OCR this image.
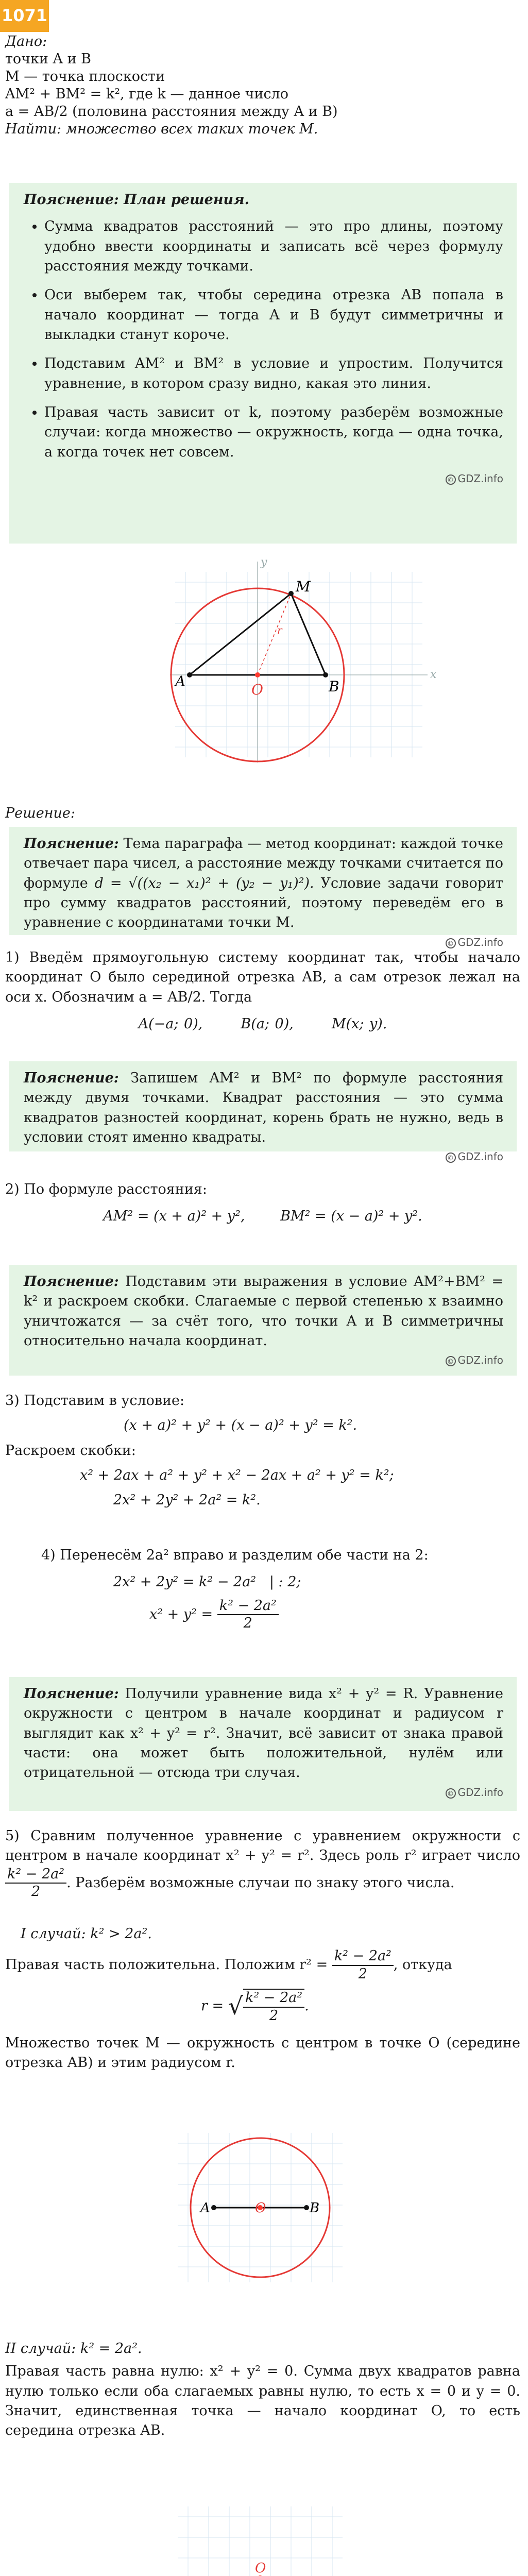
1071
Дано:
точки A и B
M — точка плоскости
AM² + BM² = k², где k — данное число
a = AB/2 (половина расстояния между A и B)
Найти: множество всех таких точек M.
Пояснение: План решения.
• Сумма квадратов расстояний — это про длины, поэтому удобно ввести координаты и записать всё через формулу расстояния между точками.
• Оси выберем так, чтобы середина отрезка AB попала в начало координат — тогда A и B будут симметричны и выкладки станут короче.
• Подставим AM² и BM² в условие и упростим. Получится уравнение, в котором сразу видно, какая это линия.
• Правая часть зависит от k, поэтому разберём возможные случаи: когда множество — окружность, когда — одна точка, а когда точек нет совсем.
© GDZ.info
x
y
r
A	O	B
M
Решение:
Пояснение: Тема параграфа — метод координат: каждой точке отвечает пара чисел, а расстояние между точками считается по формуле d = √((x₂ − x₁)² + (y₂ − y₁)²). Условие задачи говорит про сумму квадратов расстояний, поэтому переведём его в уравнение с координатами точки M.
© GDZ.info
1) Введём прямоугольную систему координат так, чтобы начало координат O было серединой отрезка AB, а сам отрезок лежал на оси x. Обозначим a = AB/2. Тогда
A(−a; 0),	B(a; 0),	M(x; y).
Пояснение: Запишем AM² и BM² по формуле расстояния между двумя точками. Квадрат расстояния — это сумма квадратов разностей координат, корень брать не нужно, ведь в условии стоят именно квадраты.
© GDZ.info
2) По формуле расстояния:
AM² = (x + a)² + y²,	BM² = (x − a)² + y².
Пояснение: Подставим эти выражения в условие AM²+BM² = k² и раскроем скобки. Слагаемые с первой степенью x взаимно уничтожатся — за счёт того, что точки A и B симметричны относительно начала координат.
© GDZ.info
3) Подставим в условие:
(x + a)² + y² + (x − a)² + y² = k².
Раскроем скобки:
x² + 2ax + a² + y² + x² − 2ax + a² + y² = k²;
2x² + 2y² + 2a² = k².
4) Перенесём 2a² вправо и разделим обе части на 2:
2x² + 2y² = k² − 2a²   | : 2;
$x^2 + y^2 = \frac{\text{k² − 2a²}}{2}$
Пояснение: Получили уравнение вида x² + y² = R. Уравнение окружности с центром в начале координат и радиусом r выглядит как x² + y² = r². Значит, всё зависит от знака правой части: она может быть положительной, нулём или отрицательной — отсюда три случая.
© GDZ.info
5) Сравним полученное уравнение с уравнением окружности с центром в начале координат x² + y² = r². Здесь роль r² играет число
$\frac{\text{k² − 2a²}}{2}$ . Разберём возможные случаи по знаку этого числа.
I случай: k² > 2a².
Правая часть положительна. Положим $r^2 = \frac{\text{k² − 2a²}}{2}$ , откуда
r = √ $\frac{\text{k² − 2a²}}{2}$ .
Множество точек M — окружность с центром в точке O (середине отрезка AB) и этим радиусом r.
A	O	B
II случай: k² = 2a².
Правая часть равна нулю: x² + y² = 0. Сумма двух квадратов равна нулю только если оба слагаемых равны нулю, то есть x = 0 и y = 0. Значит, единственная точка — начало координат O, то есть середина отрезка AB.
O
